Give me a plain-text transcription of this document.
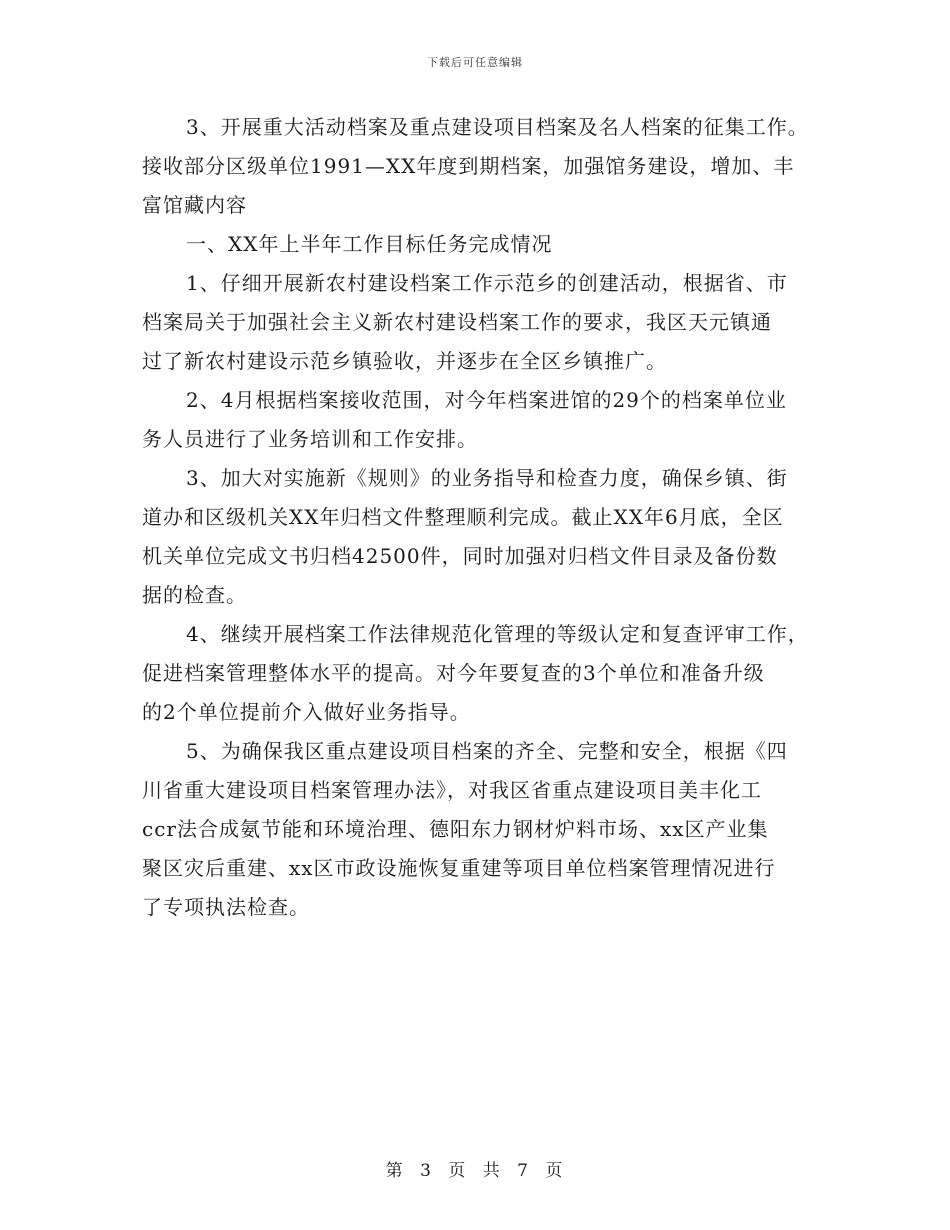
下载后可任意编辑
3、开展重大活动档案及重点建设项目档案及名人档案的征集工作。
接收部分区级单位1991—XX年度到期档案，加强馆务建设，增加、丰
富馆藏内容
一、XX年上半年工作目标任务完成情况
1、仔细开展新农村建设档案工作示范乡的创建活动，根据省、市
档案局关于加强社会主义新农村建设档案工作的要求，我区天元镇通
过了新农村建设示范乡镇验收，并逐步在全区乡镇推广。
2、4月根据档案接收范围，对今年档案进馆的29个的档案单位业
务人员进行了业务培训和工作安排。
3、加大对实施新《规则》的业务指导和检查力度，确保乡镇、街
道办和区级机关XX年归档文件整理顺利完成。截止XX年6月底，全区
机关单位完成文书归档42500件，同时加强对归档文件目录及备份数
据的检查。
4、继续开展档案工作法律规范化管理的等级认定和复查评审工作，
促进档案管理整体水平的提高。对今年要复查的3个单位和准备升级
的2个单位提前介入做好业务指导。
5、为确保我区重点建设项目档案的齐全、完整和安全，根据《四
川省重大建设项目档案管理办法》，对我区省重点建设项目美丰化工
ccr法合成氨节能和环境治理、德阳东力钢材炉料市场、xx区产业集
聚区灾后重建、xx区市政设施恢复重建等项目单位档案管理情况进行
了专项执法检查。
第 3 页 共 7 页
